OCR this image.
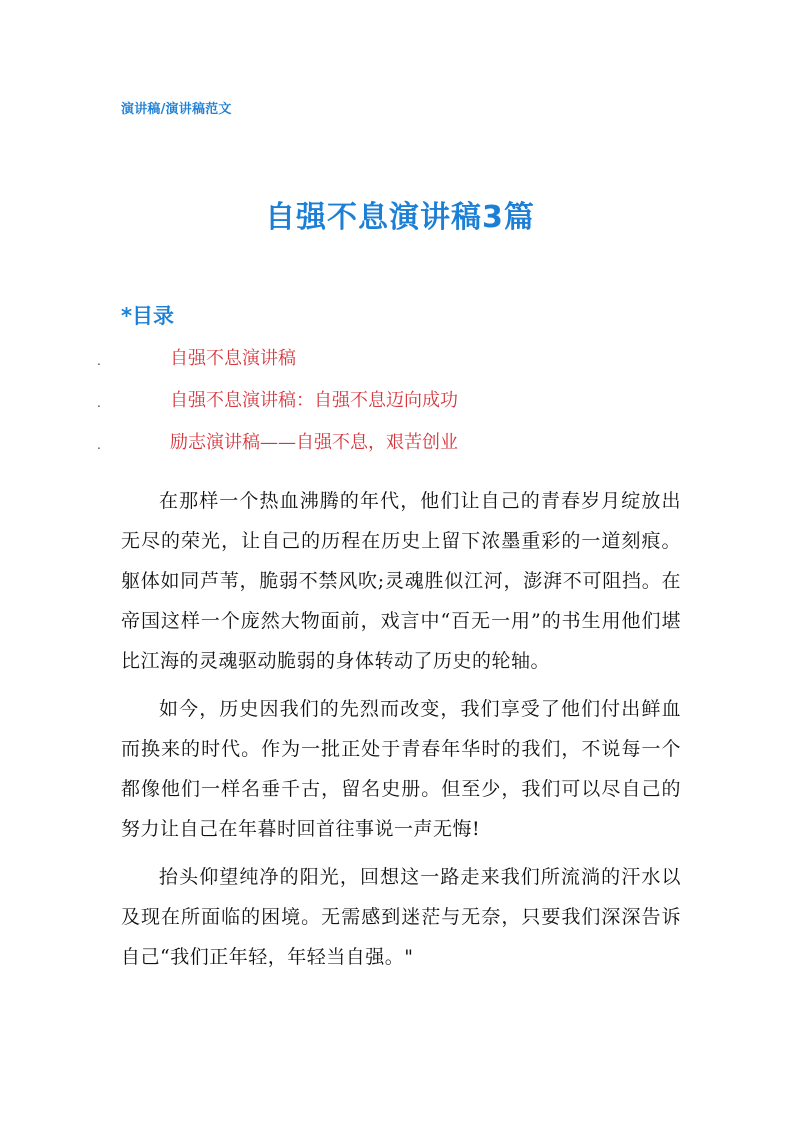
演讲稿/演讲稿范文
自强不息演讲稿3篇
*目录
.	自强不息演讲稿
.	自强不息演讲稿：自强不息迈向成功
.	励志演讲稿——自强不息，艰苦创业

在那样一个热血沸腾的年代，他们让自己的青春岁月绽放出无尽的荣光，让自己的历程在历史上留下浓墨重彩的一道刻痕。躯体如同芦苇，脆弱不禁风吹;灵魂胜似江河，澎湃不可阻挡。在帝国这样一个庞然大物面前，戏言中“百无一用”的书生用他们堪比江海的灵魂驱动脆弱的身体转动了历史的轮轴。

如今，历史因我们的先烈而改变，我们享受了他们付出鲜血而换来的时代。作为一批正处于青春年华时的我们，不说每一个都像他们一样名垂千古，留名史册。但至少，我们可以尽自己的努力让自己在年暮时回首往事说一声无悔!

抬头仰望纯净的阳光，回想这一路走来我们所流淌的汗水以及现在所面临的困境。无需感到迷茫与无奈，只要我们深深告诉自己“我们正年轻，年轻当自强。"
